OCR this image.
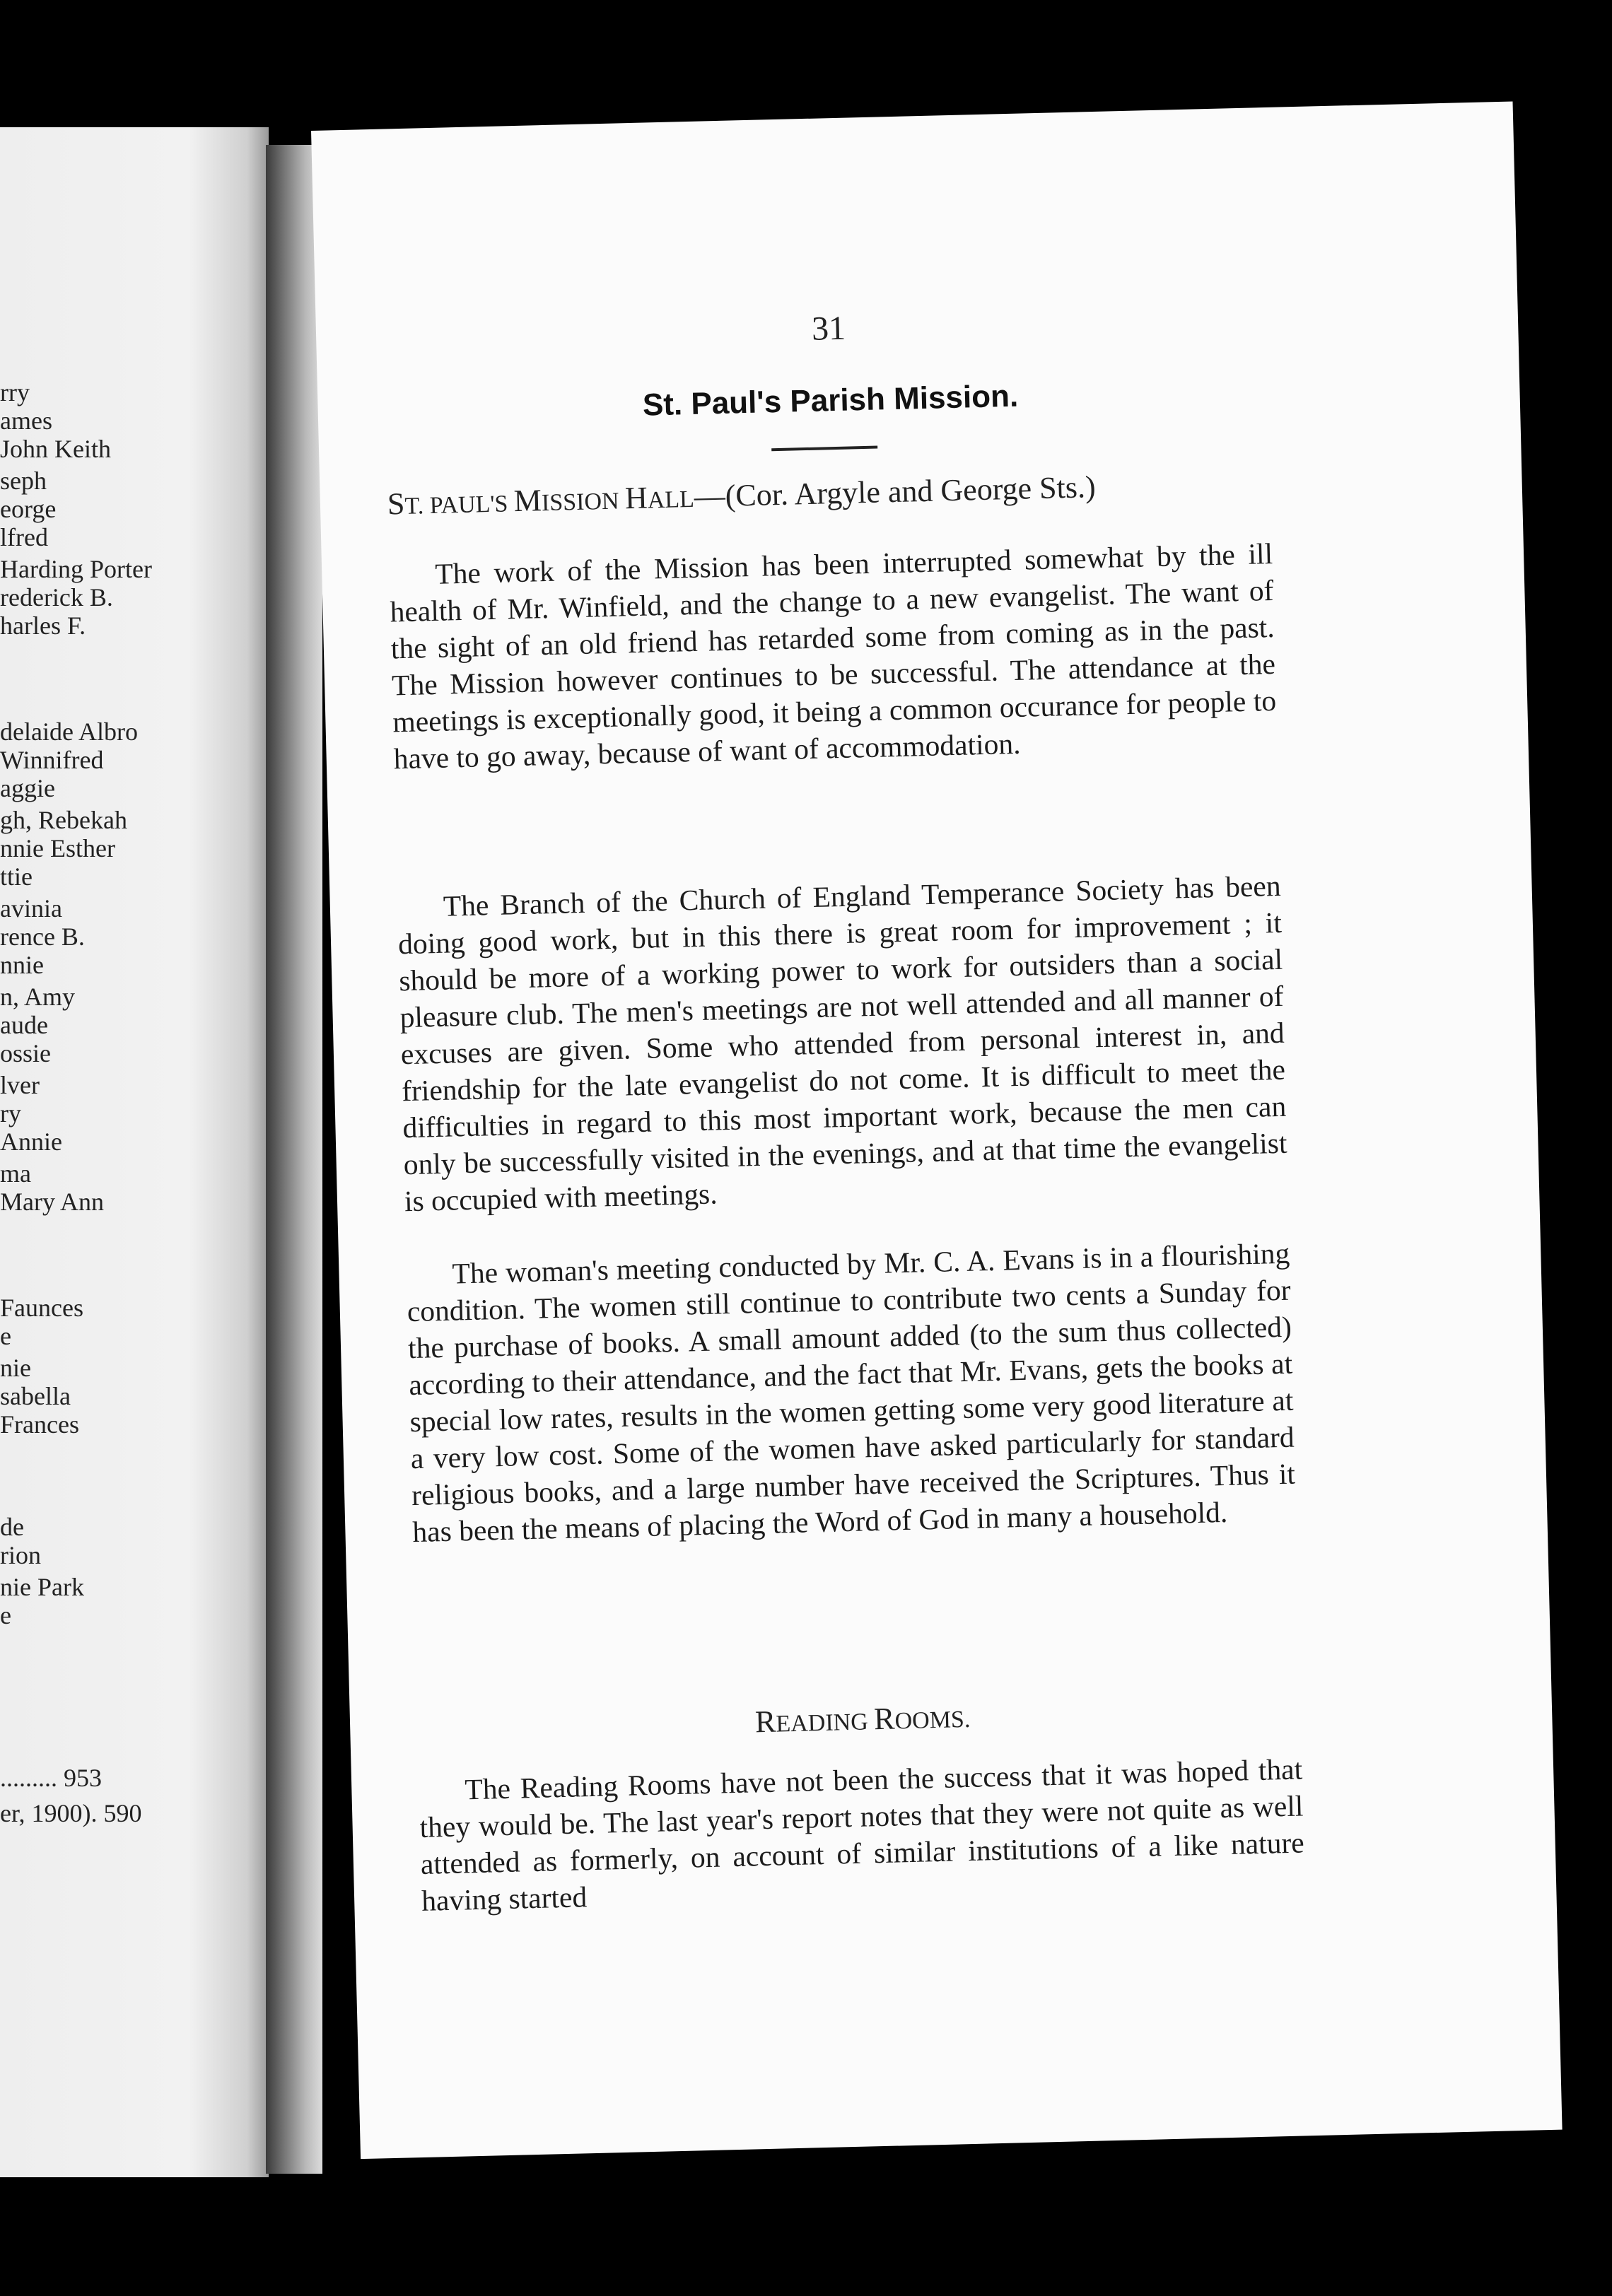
rry
ames
John Keith
seph
eorge
lfred
Harding Porter
rederick B.
harles F.
delaide Albro
Winnifred
aggie
gh, Rebekah
nnie Esther
ttie
avinia
rence B.
nnie
n, Amy
aude
ossie
lver
ry
Annie
ma
Mary Ann
Faunces
e
nie
sabella
Frances
de
rion
nie Park
e
......... 953
er, 1900). 590
31
St. Paul's Parish Mission.
ST. PAUL'S MISSION HALL—(Cor. Argyle and George Sts.)
The work of the Mission has been interrupted somewhat by the ill health of Mr. Winfield, and the change to a new evangelist. The want of the sight of an old friend has retarded some from coming as in the past. The Mission however continues to be successful. The attendance at the meetings is exceptionally good, it being a common occurance for people to have to go away, because of want of accommodation.
The Branch of the Church of England Temperance Society has been doing good work, but in this there is great room for improvement ; it should be more of a working power to work for outsiders than a social pleasure club. The men's meetings are not well attended and all manner of excuses are given. Some who attended from personal interest in, and friendship for the late evangelist do not come. It is difficult to meet the difficulties in regard to this most important work, because the men can only be successfully visited in the evenings, and at that time the evangelist is occupied with meetings.
The woman's meeting conducted by Mr. C. A. Evans is in a flourishing condition. The women still continue to contribute two cents a Sunday for the purchase of books. A small amount added (to the sum thus collected) according to their attendance, and the fact that Mr. Evans, gets the books at special low rates, results in the women getting some very good literature at a very low cost. Some of the women have asked particularly for standard religious books, and a large number have received the Scriptures. Thus it has been the means of placing the Word of God in many a household.
READING ROOMS.
The Reading Rooms have not been the success that it was hoped that they would be. The last year's report notes that they were not quite as well attended as formerly, on account of similar institutions of a like nature having started
